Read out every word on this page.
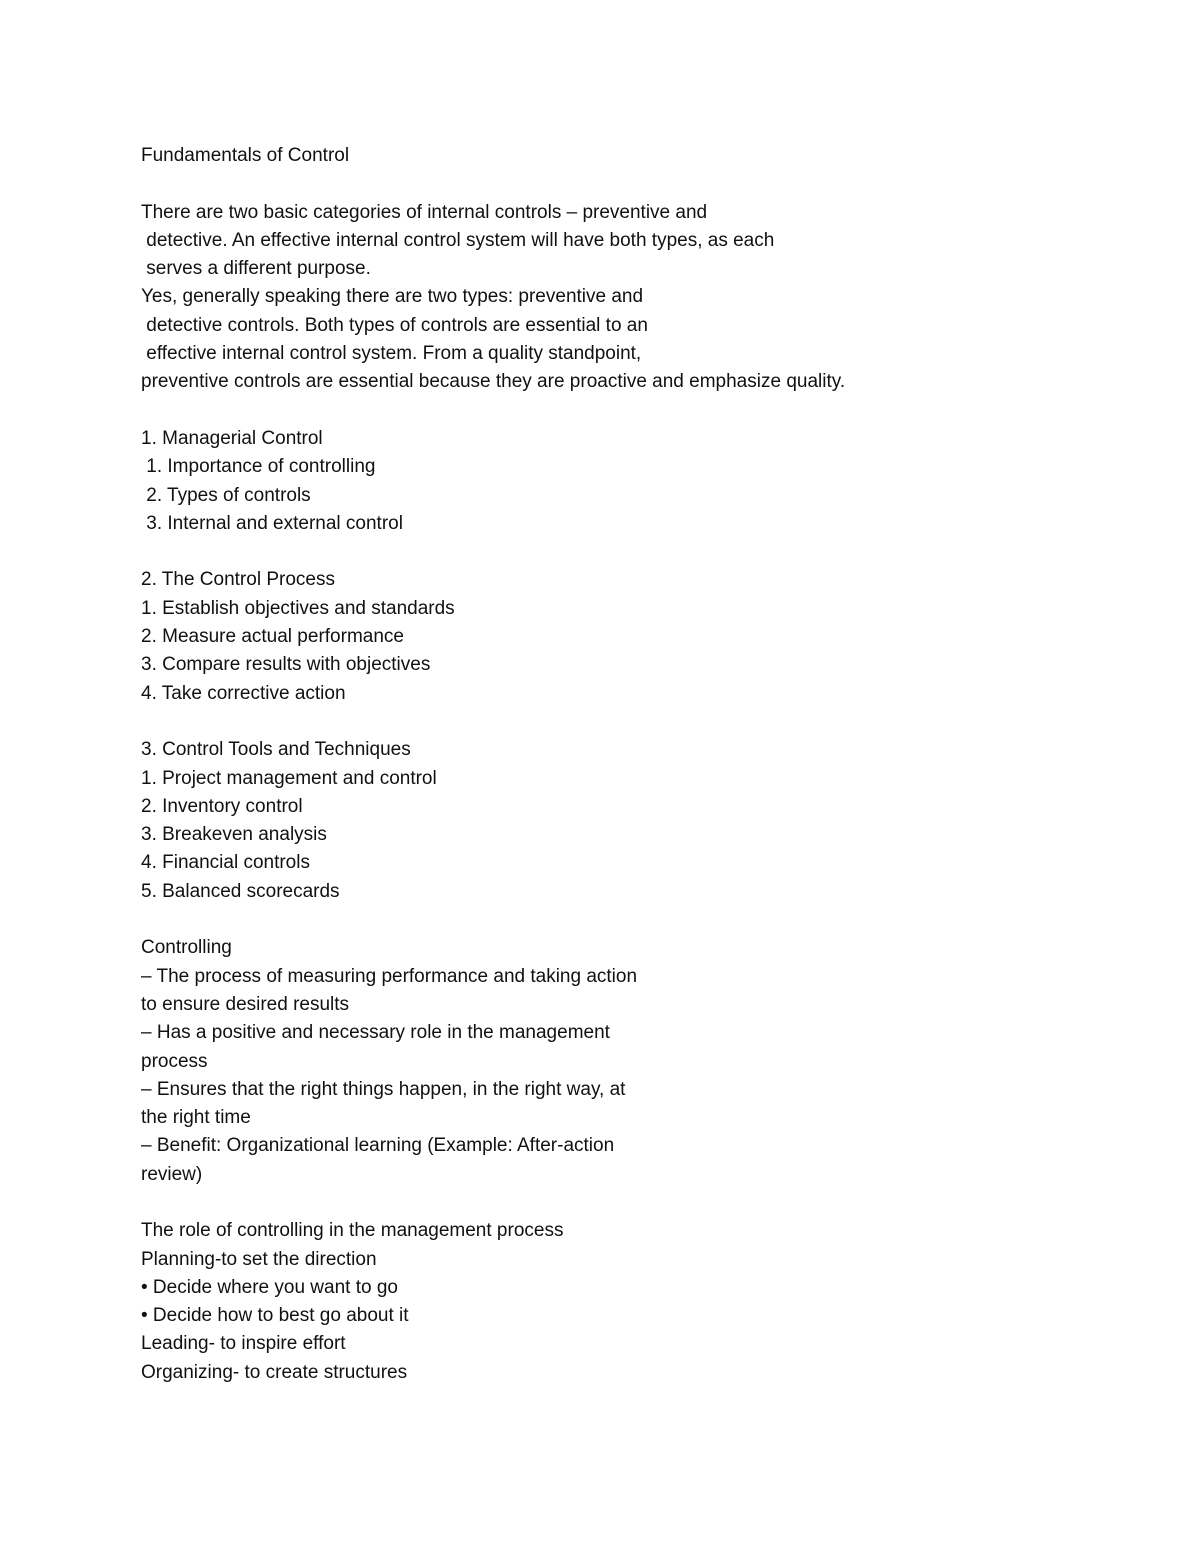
Fundamentals of Control
There are two basic categories of internal controls – preventive and
detective. An effective internal control system will have both types, as each
serves a different purpose.
Yes, generally speaking there are two types: preventive and
detective controls. Both types of controls are essential to an
effective internal control system. From a quality standpoint,
preventive controls are essential because they are proactive and emphasize quality.
1. Managerial Control
1. Importance of controlling
2. Types of controls
3. Internal and external control
2. The Control Process
1. Establish objectives and standards
2. Measure actual performance
3. Compare results with objectives
4. Take corrective action
3. Control Tools and Techniques
1. Project management and control
2. Inventory control
3. Breakeven analysis
4. Financial controls
5. Balanced scorecards
Controlling
– The process of measuring performance and taking action
to ensure desired results
– Has a positive and necessary role in the management
process
– Ensures that the right things happen, in the right way, at
the right time
– Benefit: Organizational learning (Example: After-action
review)
The role of controlling in the management process
Planning-to set the direction
• Decide where you want to go
• Decide how to best go about it
Leading- to inspire effort
Organizing- to create structures
